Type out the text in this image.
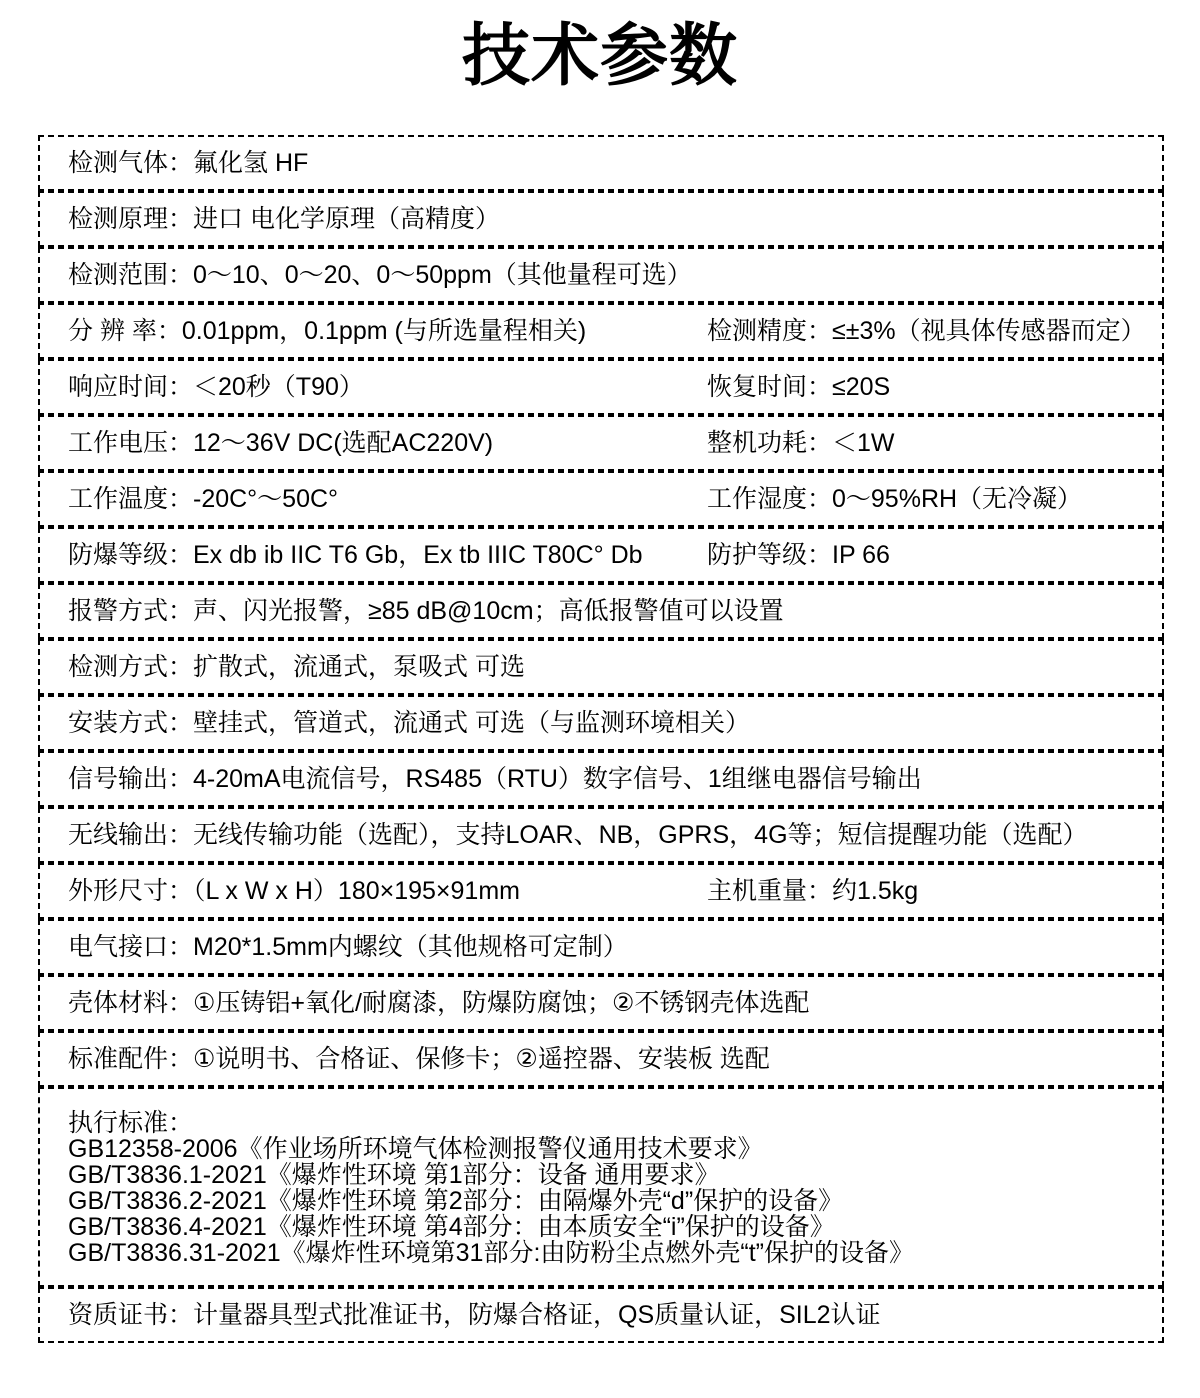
技术参数
检测气体：氟化氢 HF
检测原理：进口 电化学原理（高精度）
检测范围：0～10、0～20、0～50ppm（其他量程可选）
分 辨 率：0.01ppm，0.1ppm (与所选量程相关)	检测精度：≤±3%（视具体传感器而定）
响应时间：＜20秒（T90）	恢复时间：≤20S
工作电压：12～36V DC(选配AC220V)	整机功耗：＜1W
工作温度：-20C°～50C°	工作湿度：0～95%RH（无冷凝）
防爆等级：Ex db ib IIC T6 Gb，Ex tb IIIC T80C° Db	防护等级：IP 66
报警方式：声、闪光报警，≥85 dB@10cm；高低报警值可以设置
检测方式：扩散式，流通式，泵吸式 可选
安装方式：壁挂式，管道式，流通式 可选（与监测环境相关）
信号输出：4-20mA电流信号，RS485（RTU）数字信号、1组继电器信号输出
无线输出：无线传输功能（选配），支持LOAR、NB，GPRS，4G等；短信提醒功能（选配）
外形尺寸：（L x W x H）180×195×91mm	主机重量：约1.5kg
电气接口：M20*1.5mm内螺纹（其他规格可定制）
壳体材料：①压铸铝+氧化/耐腐漆，防爆防腐蚀；②不锈钢壳体选配
标准配件：①说明书、合格证、保修卡；②遥控器、安装板 选配
执行标准：
GB12358-2006《作业场所环境气体检测报警仪通用技术要求》
GB/T3836.1-2021《爆炸性环境 第1部分：设备 通用要求》
GB/T3836.2-2021《爆炸性环境 第2部分：由隔爆外壳“d”保护的设备》
GB/T3836.4-2021《爆炸性环境 第4部分：由本质安全“i”保护的设备》
GB/T3836.31-2021《爆炸性环境第31部分:由防粉尘点燃外壳“t”保护的设备》
资质证书：计量器具型式批准证书，防爆合格证，QS质量认证，SIL2认证
